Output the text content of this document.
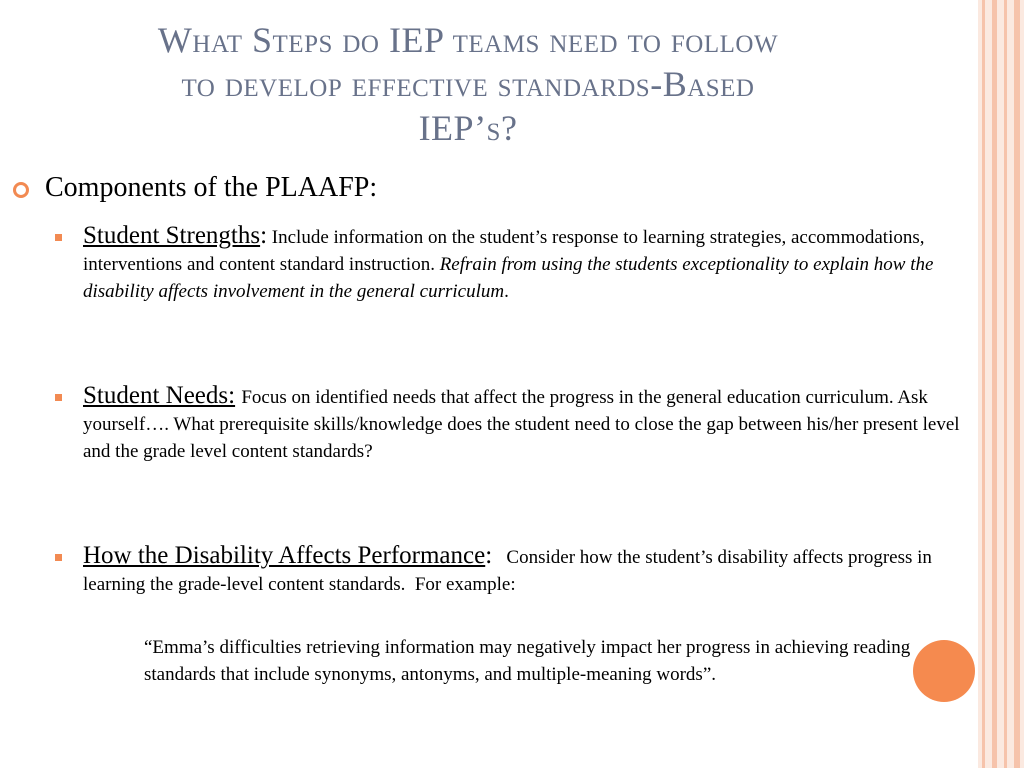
What Steps do IEP teams need to follow
to develop effective standards-Based
IEP’s?
Components of the PLAAFP:
Student Strengths: Include information on the student’s response to learning strategies, accommodations, interventions and content standard instruction. Refrain from using the students exceptionality to explain how the disability affects involvement in the general curriculum.
Student Needs: Focus on identified needs that affect the progress in the general education curriculum. Ask yourself…. What prerequisite skills/knowledge does the student need to close the gap between his/her present level and the grade level content standards?
How the Disability Affects Performance:   Consider how the student’s disability affects progress in learning the grade-level content standards.  For example:
“Emma’s difficulties retrieving information may negatively impact her progress in achieving reading standards that include synonyms, antonyms, and multiple-meaning words”.
